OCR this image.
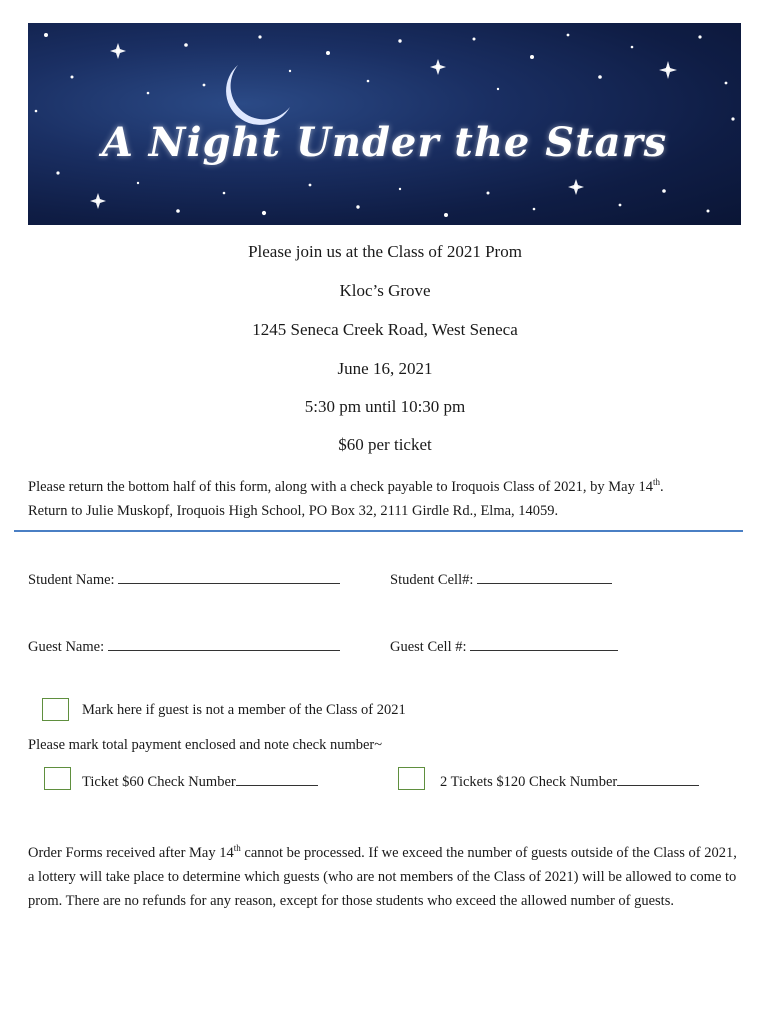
A Night Under the Stars
Please join us at the Class of 2021 Prom
Kloc’s Grove
1245 Seneca Creek Road, West Seneca
June 16, 2021
5:30 pm until 10:30 pm
$60 per ticket
Please return the bottom half of this form, along with a check payable to Iroquois Class of 2021, by May 14th.
Return to Julie Muskopf, Iroquois High School, PO Box 32, 2111 Girdle Rd., Elma, 14059.
Student Name:	Student Cell#:
Guest Name:	Guest Cell #:
Mark here if guest is not a member of the Class of 2021
Please mark total payment enclosed and note check number~
Ticket $60 Check Number	2 Tickets $120 Check Number
Order Forms received after May 14th cannot be processed. If we exceed the number of guests outside of the Class of 2021, a lottery will take place to determine which guests (who are not members of the Class of 2021) will be allowed to come to prom. There are no refunds for any reason, except for those students who exceed the allowed number of guests.
